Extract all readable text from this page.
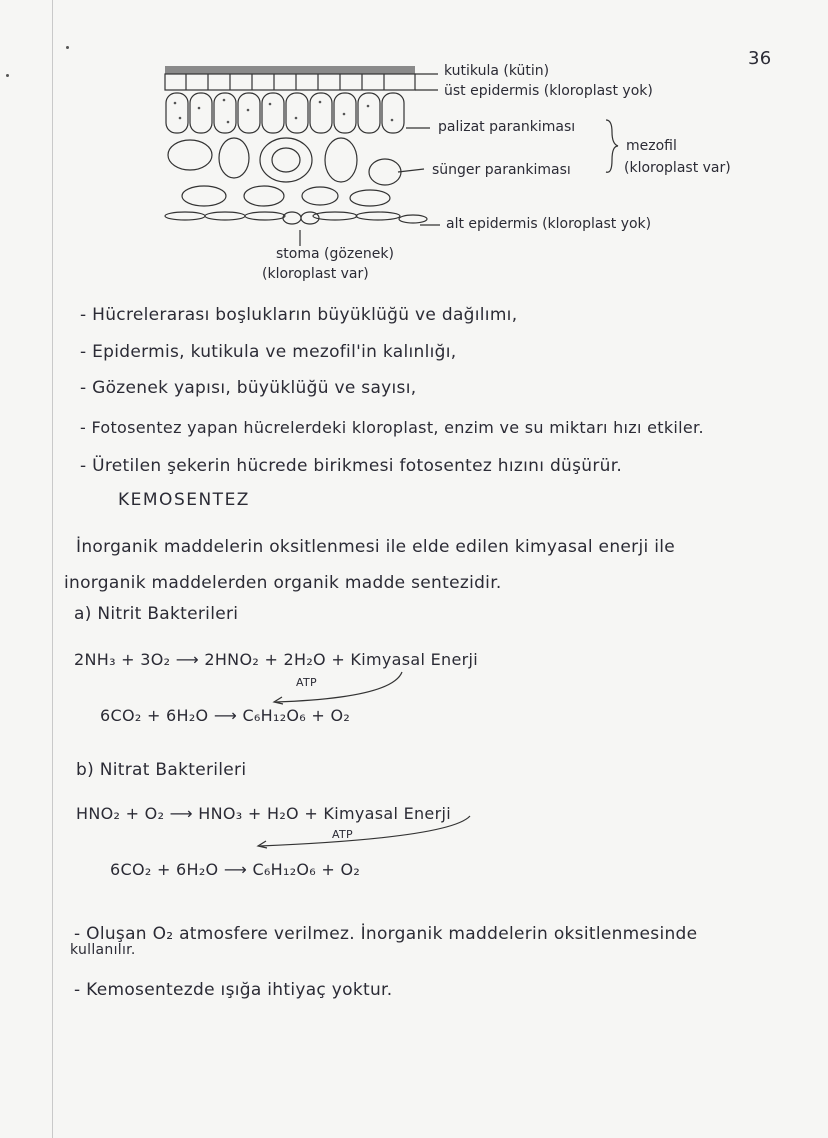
36
kutikula (kütin)
üst epidermis (kloroplast yok)
palizat parankiması
sünger parankiması
mezofil
(kloroplast var)
alt epidermis (kloroplast yok)
stoma (gözenek)
(kloroplast var)
- Hücrelerarası boşlukların büyüklüğü ve dağılımı,
- Epidermis, kutikula ve mezofil'in kalınlığı,
- Gözenek yapısı, büyüklüğü ve sayısı,
- Fotosentez yapan hücrelerdeki kloroplast, enzim ve su miktarı hızı etkiler.
- Üretilen şekerin hücrede birikmesi fotosentez hızını düşürür.
KEMOSENTEZ
İnorganik maddelerin oksitlenmesi ile elde edilen kimyasal enerji ile
inorganik maddelerden organik madde sentezidir.
a) Nitrit Bakterileri
2NH₃ + 3O₂ ⟶ 2HNO₂ + 2H₂O + Kimyasal Enerji
ATP
6CO₂ + 6H₂O ⟶ C₆H₁₂O₆ + O₂
b) Nitrat Bakterileri
HNO₂ + O₂ ⟶ HNO₃ + H₂O + Kimyasal Enerji
ATP
6CO₂ + 6H₂O ⟶ C₆H₁₂O₆ + O₂
- Oluşan O₂ atmosfere verilmez. İnorganik maddelerin oksitlenmesinde
kullanılır.
- Kemosentezde ışığa ihtiyaç yoktur.
